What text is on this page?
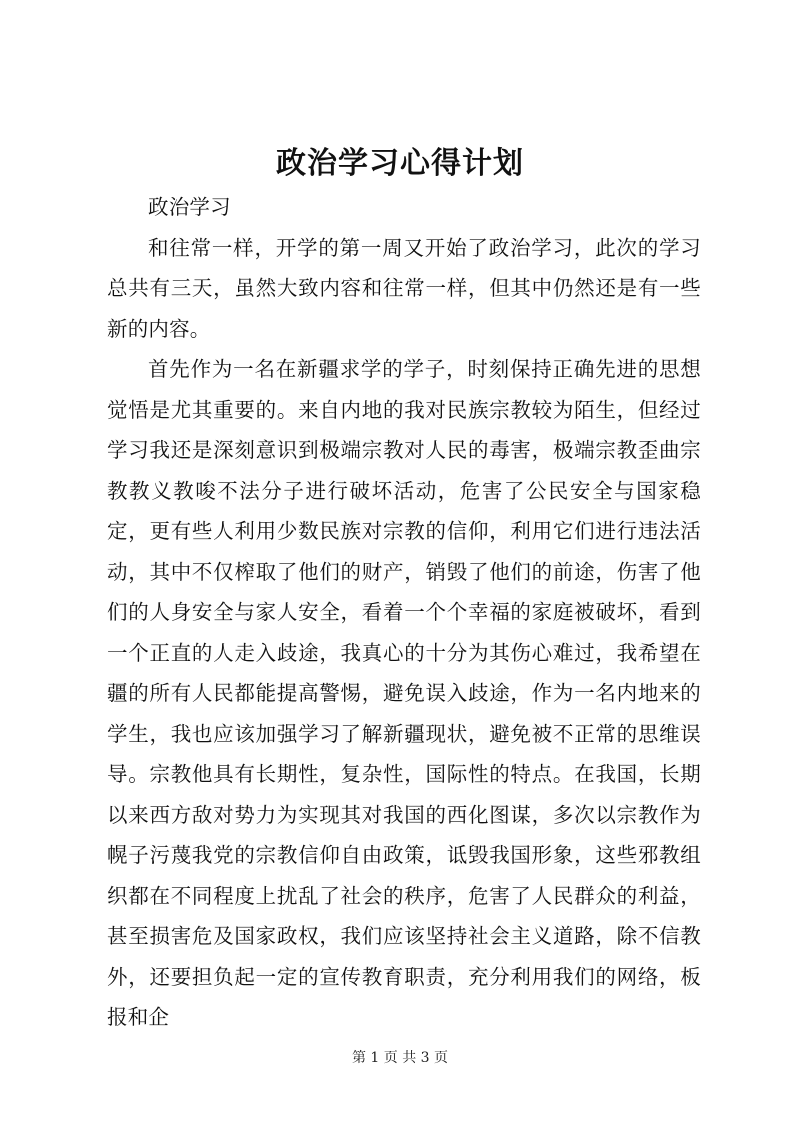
政治学习心得计划

政治学习

和往常一样，开学的第一周又开始了政治学习，此次的学习总共有三天，虽然大致内容和往常一样，但其中仍然还是有一些新的内容。

首先作为一名在新疆求学的学子，时刻保持正确先进的思想觉悟是尤其重要的。来自内地的我对民族宗教较为陌生，但经过学习我还是深刻意识到极端宗教对人民的毒害，极端宗教歪曲宗教教义教唆不法分子进行破坏活动，危害了公民安全与国家稳定，更有些人利用少数民族对宗教的信仰，利用它们进行违法活动，其中不仅榨取了他们的财产，销毁了他们的前途，伤害了他们的人身安全与家人安全，看着一个个幸福的家庭被破坏，看到一个正直的人走入歧途，我真心的十分为其伤心难过，我希望在疆的所有人民都能提高警惕，避免误入歧途，作为一名内地来的学生，我也应该加强学习了解新疆现状，避免被不正常的思维误导。宗教他具有长期性，复杂性，国际性的特点。在我国，长期以来西方敌对势力为实现其对我国的西化图谋，多次以宗教作为幌子污蔑我党的宗教信仰自由政策，诋毁我国形象，这些邪教组织都在不同程度上扰乱了社会的秩序，危害了人民群众的利益，甚至损害危及国家政权，我们应该坚持社会主义道路，除不信教外，还要担负起一定的宣传教育职责，充分利用我们的网络，板报和企

第 1 页 共 3 页
